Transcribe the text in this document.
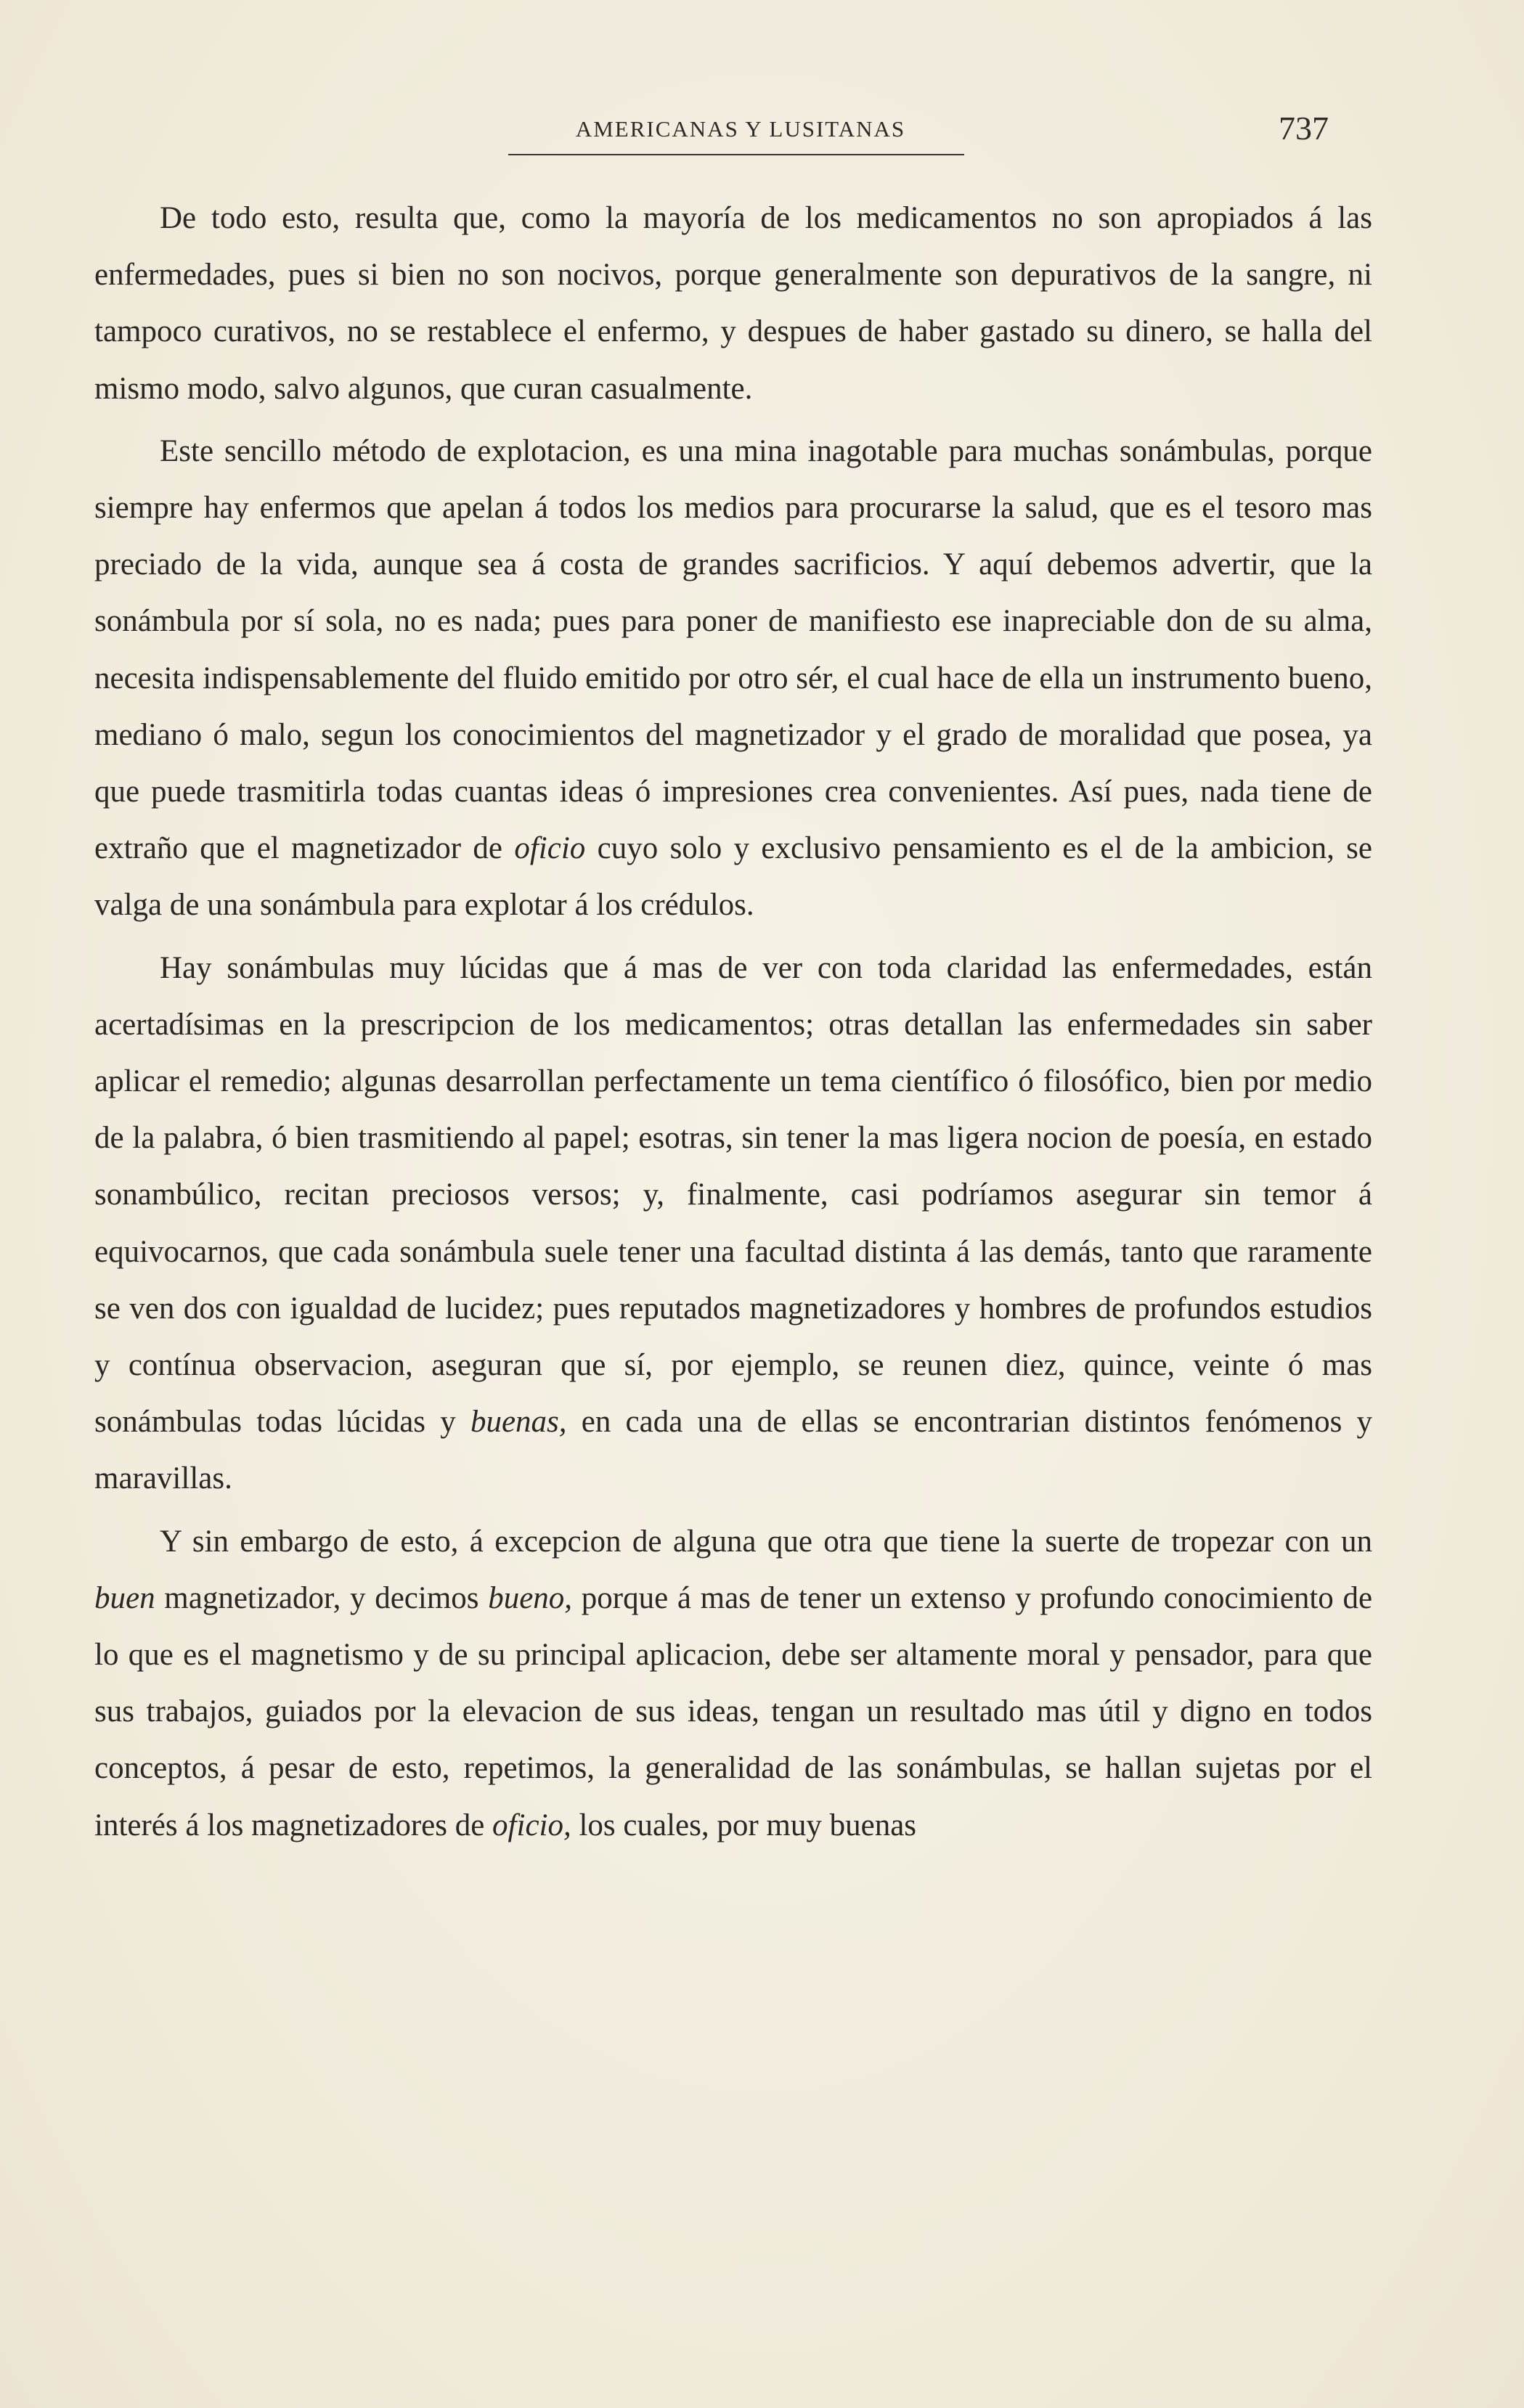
AMERICANAS Y LUSITANAS	737

De todo esto, resulta que, como la mayoría de los medicamentos no son apropiados á las enfermedades, pues si bien no son nocivos, porque generalmente son depurativos de la sangre, ni tampoco curativos, no se restablece el enfermo, y despues de haber gastado su dinero, se halla del mismo modo, salvo algunos, que curan casualmente.

Este sencillo método de explotacion, es una mina inagotable para muchas sonámbulas, porque siempre hay enfermos que apelan á todos los medios para procurarse la salud, que es el tesoro mas preciado de la vida, aunque sea á costa de grandes sacrificios. Y aquí debemos advertir, que la sonámbula por sí sola, no es nada; pues para poner de manifiesto ese inapreciable don de su alma, necesita indispensablemente del fluido emitido por otro sér, el cual hace de ella un instrumento bueno, mediano ó malo, segun los conocimientos del magnetizador y el grado de moralidad que posea, ya que puede trasmitirla todas cuantas ideas ó impresiones crea convenientes. Así pues, nada tiene de extraño que el magnetizador de oficio cuyo solo y exclusivo pensamiento es el de la ambicion, se valga de una sonámbula para explotar á los crédulos.

Hay sonámbulas muy lúcidas que á mas de ver con toda claridad las enfermedades, están acertadísimas en la prescripcion de los medicamentos; otras detallan las enfermedades sin saber aplicar el remedio; algunas desarrollan perfectamente un tema científico ó filosófico, bien por medio de la palabra, ó bien trasmitiendo al papel; esotras, sin tener la mas ligera nocion de poesía, en estado sonambúlico, recitan preciosos versos; y, finalmente, casi podríamos asegurar sin temor á equivocarnos, que cada sonámbula suele tener una facultad distinta á las demás, tanto que raramente se ven dos con igualdad de lucidez; pues reputados magnetizadores y hombres de profundos estudios y contínua observacion, aseguran que sí, por ejemplo, se reunen diez, quince, veinte ó mas sonámbulas todas lúcidas y buenas, en cada una de ellas se encontrarian distintos fenómenos y maravillas.

Y sin embargo de esto, á excepcion de alguna que otra que tiene la suerte de tropezar con un buen magnetizador, y decimos bueno, porque á mas de tener un extenso y profundo conocimiento de lo que es el magnetismo y de su principal aplicacion, debe ser altamente moral y pensador, para que sus trabajos, guiados por la elevacion de sus ideas, tengan un resultado mas útil y digno en todos conceptos, á pesar de esto, repetimos, la generalidad de las sonámbulas, se hallan sujetas por el interés á los magnetizadores de oficio, los cuales, por muy buenas
